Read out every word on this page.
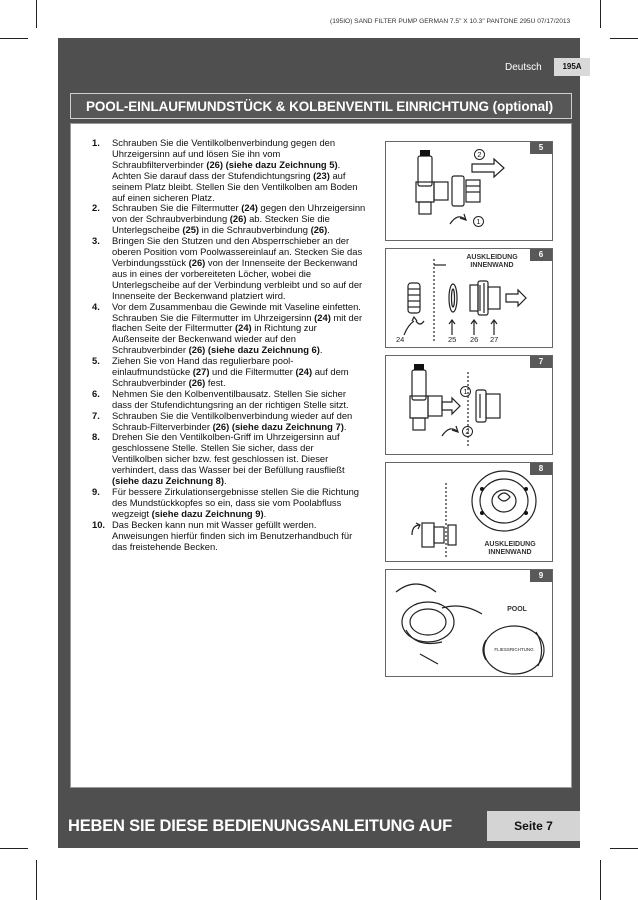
(195IO) SAND FILTER PUMP GERMAN 7.5" X 10.3" PANTONE 295U 07/17/2013
Deutsch	195A
POOL-EINLAUFMUNDSTÜCK & KOLBENVENTIL EINRICHTUNG (optional)
1. Schrauben Sie die Ventilkolbenverbindung gegen den Uhrzeigersinn auf und lösen Sie ihn vom Schraubfilterverbinder (26) (siehe dazu Zeichnung 5). Achten Sie darauf dass der Stufendichtungsring (23) auf seinem Platz bleibt. Stellen Sie den Ventilkolben am Boden auf einen sicheren Platz.
2. Schrauben Sie die Filtermutter (24) gegen den Uhrzeigersinn von der Schraubverbindung (26) ab. Stecken Sie die Unterlegscheibe (25) in die Schraubverbindung (26).
3. Bringen Sie den Stutzen und den Absperrschieber an der oberen Position vom Poolwassereinlauf an. Stecken Sie das Verbindungsstück (26) von der Innenseite der Beckenwand aus in eines der vorbereiteten Löcher, wobei die Unterlegscheibe auf der Verbindung verbleibt und so auf der Innenseite der Beckenwand platziert wird.
4. Vor dem Zusammenbau die Gewinde mit Vaseline einfetten. Schrauben Sie die Filtermutter im Uhrzeigersinn (24) mit der flachen Seite der Filtermutter (24) in Richtung zur Außenseite der Beckenwand wieder auf den Schraubverbinder (26) (siehe dazu Zeichnung 6).
5. Ziehen Sie von Hand das regulierbare pool-einlaufmundstücke (27) und die Filtermutter (24) auf dem Schraubverbinder (26) fest.
6. Nehmen Sie den Kolbenventilbausatz. Stellen Sie sicher dass der Stufendichtungsring an der richtigen Stelle sitzt.
7. Schrauben Sie die Ventilkolbenverbindung wieder auf den Schraub-Filterverbinder (26) (siehe dazu Zeichnung 7).
8. Drehen Sie den Ventilkolben-Griff im Uhrzeigersinn auf geschlossene Stelle. Stellen Sie sicher, dass der Ventilkolben sicher bzw. fest geschlossen ist. Dieser verhindert, dass das Wasser bei der Befüllung rausfließt (siehe dazu Zeichnung 8).
9. Für bessere Zirkulationsergebnisse stellen Sie die Richtung des Mundstückkopfes so ein, dass sie vom Poolabfluss wegzeigt (siehe dazu Zeichnung 9).
10. Das Becken kann nun mit Wasser gefüllt werden. Anweisungen hierfür finden sich im Benutzerhandbuch für das freistehende Becken.
5
2
1
6
AUSKLEIDUNG INNENWAND
24	25 26 27
7
1
2
8
AUSKLEIDUNG INNENWAND
9
POOL
FLIESSRICHTUNG
HEBEN SIE DIESE BEDIENUNGSANLEITUNG AUF	Seite 7
